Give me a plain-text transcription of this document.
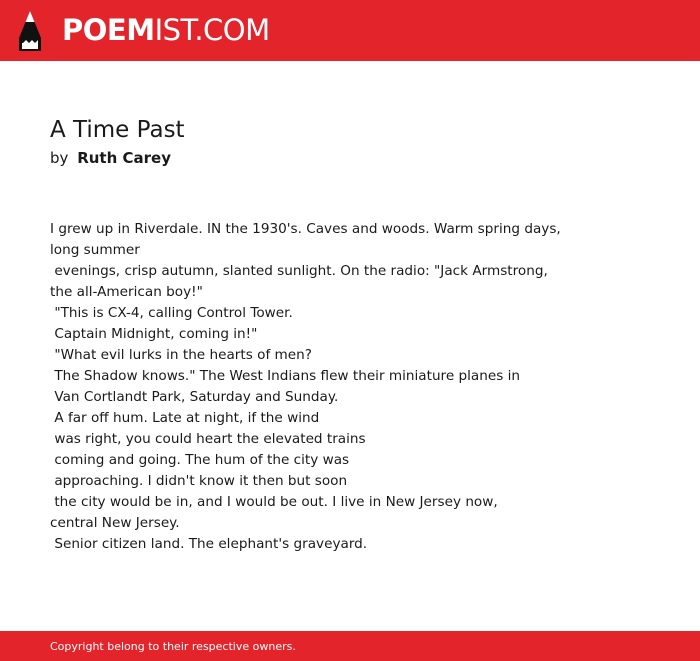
POEMIST.COM
A Time Past
by Ruth Carey
I grew up in Riverdale. IN the 1930's. Caves and woods. Warm spring days,
long summer
evenings, crisp autumn, slanted sunlight. On the radio: "Jack Armstrong,
the all-American boy!"
"This is CX-4, calling Control Tower.
Captain Midnight, coming in!"
"What evil lurks in the hearts of men?
The Shadow knows." The West Indians flew their miniature planes in
Van Cortlandt Park, Saturday and Sunday.
A far off hum. Late at night, if the wind
was right, you could heart the elevated trains
coming and going. The hum of the city was
approaching. I didn't know it then but soon
the city would be in, and I would be out. I live in New Jersey now,
central New Jersey.
Senior citizen land. The elephant's graveyard.
Copyright belong to their respective owners.
